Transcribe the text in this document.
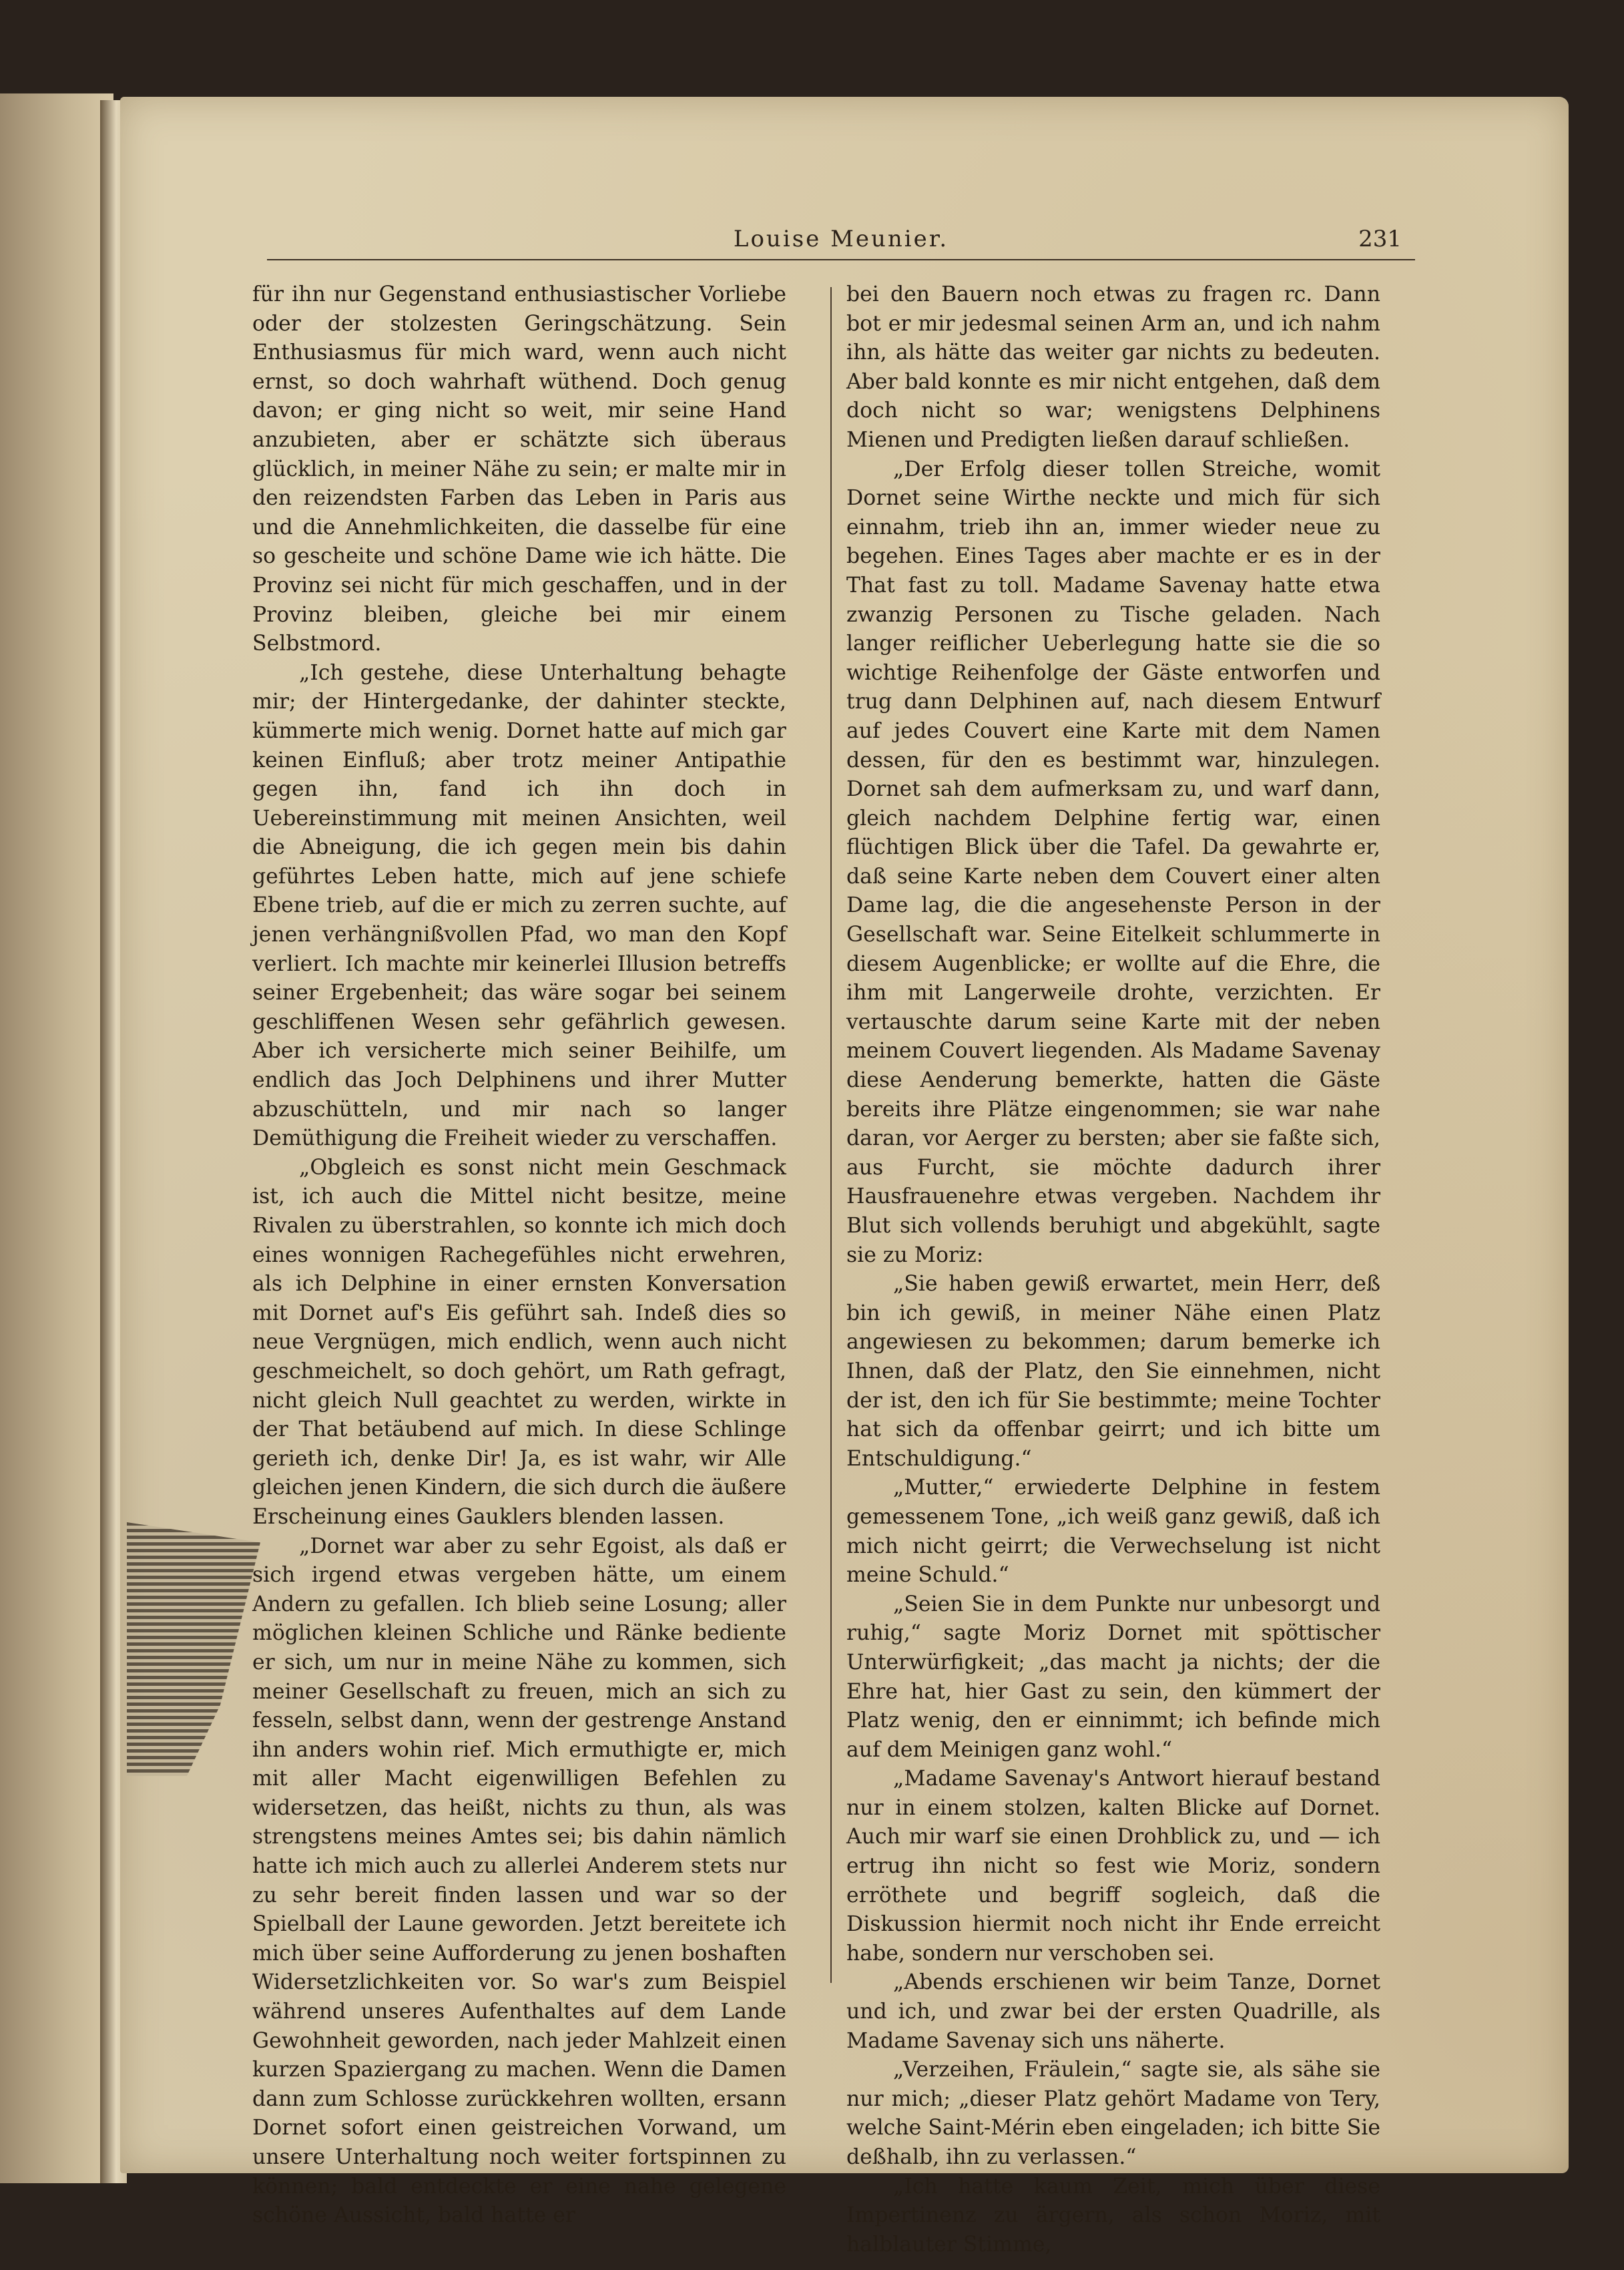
Louise Meunier.	231

für ihn nur Gegenstand enthusiastischer Vorliebe oder der stolzesten Geringschätzung. Sein Enthusiasmus für mich ward, wenn auch nicht ernst, so doch wahrhaft wüthend. Doch genug davon; er ging nicht so weit, mir seine Hand anzubieten, aber er schätzte sich überaus glücklich, in meiner Nähe zu sein; er malte mir in den reizendsten Farben das Leben in Paris aus und die Annehmlichkeiten, die dasselbe für eine so gescheite und schöne Dame wie ich hätte. Die Provinz sei nicht für mich geschaffen, und in der Provinz bleiben, gleiche bei mir einem Selbstmord.

„Ich gestehe, diese Unterhaltung behagte mir; der Hintergedanke, der dahinter steckte, kümmerte mich wenig. Dornet hatte auf mich gar keinen Einfluß; aber trotz meiner Antipathie gegen ihn, fand ich ihn doch in Uebereinstimmung mit meinen Ansichten, weil die Abneigung, die ich gegen mein bis dahin geführtes Leben hatte, mich auf jene schiefe Ebene trieb, auf die er mich zu zerren suchte, auf jenen verhängnißvollen Pfad, wo man den Kopf verliert. Ich machte mir keinerlei Illusion betreffs seiner Ergebenheit; das wäre sogar bei seinem geschliffenen Wesen sehr gefährlich gewesen. Aber ich versicherte mich seiner Beihilfe, um endlich das Joch Delphinens und ihrer Mutter abzuschütteln, und mir nach so langer Demüthigung die Freiheit wieder zu verschaffen.

„Obgleich es sonst nicht mein Geschmack ist, ich auch die Mittel nicht besitze, meine Rivalen zu überstrahlen, so konnte ich mich doch eines wonnigen Rachegefühles nicht erwehren, als ich Delphine in einer ernsten Konversation mit Dornet auf's Eis geführt sah. Indeß dies so neue Vergnügen, mich endlich, wenn auch nicht geschmeichelt, so doch gehört, um Rath gefragt, nicht gleich Null geachtet zu werden, wirkte in der That betäubend auf mich. In diese Schlinge gerieth ich, denke Dir! Ja, es ist wahr, wir Alle gleichen jenen Kindern, die sich durch die äußere Erscheinung eines Gauklers blenden lassen.

„Dornet war aber zu sehr Egoist, als daß er sich irgend etwas vergeben hätte, um einem Andern zu gefallen. Ich blieb seine Losung; aller möglichen kleinen Schliche und Ränke bediente er sich, um nur in meine Nähe zu kommen, sich meiner Gesellschaft zu freuen, mich an sich zu fesseln, selbst dann, wenn der gestrenge Anstand ihn anders wohin rief. Mich ermuthigte er, mich mit aller Macht eigenwilligen Befehlen zu widersetzen, das heißt, nichts zu thun, als was strengstens meines Amtes sei; bis dahin nämlich hatte ich mich auch zu allerlei Anderem stets nur zu sehr bereit finden lassen und war so der Spielball der Laune geworden. Jetzt bereitete ich mich über seine Aufforderung zu jenen boshaften Widersetzlichkeiten vor. So war's zum Beispiel während unseres Aufenthaltes auf dem Lande Gewohnheit geworden, nach jeder Mahlzeit einen kurzen Spaziergang zu machen. Wenn die Damen dann zum Schlosse zurückkehren wollten, ersann Dornet sofort einen geistreichen Vorwand, um unsere Unterhaltung noch weiter fortspinnen zu können; bald entdeckte er eine nahe gelegene schöne Aussicht, bald hatte er

bei den Bauern noch etwas zu fragen rc. Dann bot er mir jedesmal seinen Arm an, und ich nahm ihn, als hätte das weiter gar nichts zu bedeuten. Aber bald konnte es mir nicht entgehen, daß dem doch nicht so war; wenigstens Delphinens Mienen und Predigten ließen darauf schließen.

„Der Erfolg dieser tollen Streiche, womit Dornet seine Wirthe neckte und mich für sich einnahm, trieb ihn an, immer wieder neue zu begehen. Eines Tages aber machte er es in der That fast zu toll. Madame Savenay hatte etwa zwanzig Personen zu Tische geladen. Nach langer reiflicher Ueberlegung hatte sie die so wichtige Reihenfolge der Gäste entworfen und trug dann Delphinen auf, nach diesem Entwurf auf jedes Couvert eine Karte mit dem Namen dessen, für den es bestimmt war, hinzulegen. Dornet sah dem aufmerksam zu, und warf dann, gleich nachdem Delphine fertig war, einen flüchtigen Blick über die Tafel. Da gewahrte er, daß seine Karte neben dem Couvert einer alten Dame lag, die die angesehenste Person in der Gesellschaft war. Seine Eitelkeit schlummerte in diesem Augenblicke; er wollte auf die Ehre, die ihm mit Langerweile drohte, verzichten. Er vertauschte darum seine Karte mit der neben meinem Couvert liegenden. Als Madame Savenay diese Aenderung bemerkte, hatten die Gäste bereits ihre Plätze eingenommen; sie war nahe daran, vor Aerger zu bersten; aber sie faßte sich, aus Furcht, sie möchte dadurch ihrer Hausfrauenehre etwas vergeben. Nachdem ihr Blut sich vollends beruhigt und abgekühlt, sagte sie zu Moriz:

„Sie haben gewiß erwartet, mein Herr, deß bin ich gewiß, in meiner Nähe einen Platz angewiesen zu bekommen; darum bemerke ich Ihnen, daß der Platz, den Sie einnehmen, nicht der ist, den ich für Sie bestimmte; meine Tochter hat sich da offenbar geirrt; und ich bitte um Entschuldigung.“

„Mutter,“ erwiederte Delphine in festem gemessenem Tone, „ich weiß ganz gewiß, daß ich mich nicht geirrt; die Verwechselung ist nicht meine Schuld.“

„Seien Sie in dem Punkte nur unbesorgt und ruhig,“ sagte Moriz Dornet mit spöttischer Unterwürfigkeit; „das macht ja nichts; der die Ehre hat, hier Gast zu sein, den kümmert der Platz wenig, den er einnimmt; ich befinde mich auf dem Meinigen ganz wohl.“

„Madame Savenay's Antwort hierauf bestand nur in einem stolzen, kalten Blicke auf Dornet. Auch mir warf sie einen Drohblick zu, und — ich ertrug ihn nicht so fest wie Moriz, sondern erröthete und begriff sogleich, daß die Diskussion hiermit noch nicht ihr Ende erreicht habe, sondern nur verschoben sei.

„Abends erschienen wir beim Tanze, Dornet und ich, und zwar bei der ersten Quadrille, als Madame Savenay sich uns näherte.

„Verzeihen, Fräulein,“ sagte sie, als sähe sie nur mich; „dieser Platz gehört Madame von Tery, welche Saint-Mérin eben eingeladen; ich bitte Sie deßhalb, ihn zu verlassen.“

„Ich hatte kaum Zeit, mich über diese Impertinenz zu ärgern, als schon Moriz, mit halblauter Stimme,
